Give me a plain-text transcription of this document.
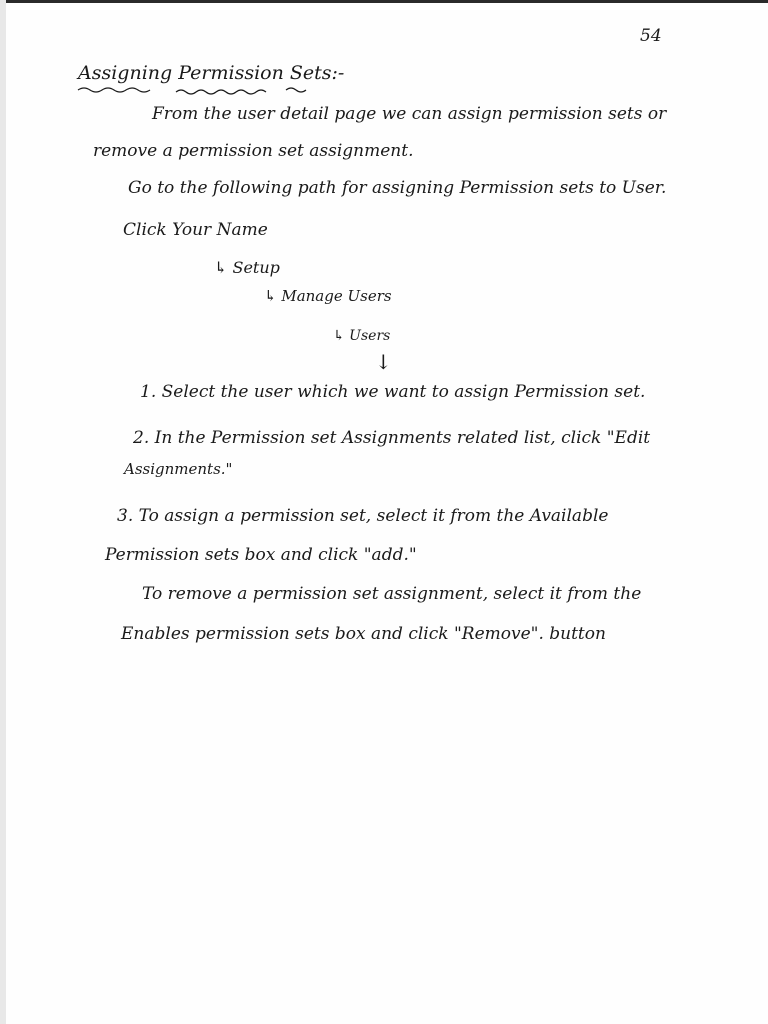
54
Assigning Permission Sets:-
From the user detail page we can assign permission sets or
remove a permission set assignment.
Go to the following path for assigning Permission sets to User.
Click Your Name
↳ Setup
↳ Manage Users
↳ Users
↓
1. Select the user which we want to assign Permission set.
2. In the Permission set Assignments related list, click "Edit
Assignments."
3. To assign a permission set, select it from the Available
Permission sets box and click "add."
To remove a permission set assignment, select it from the
Enables permission sets box and click "Remove". button
